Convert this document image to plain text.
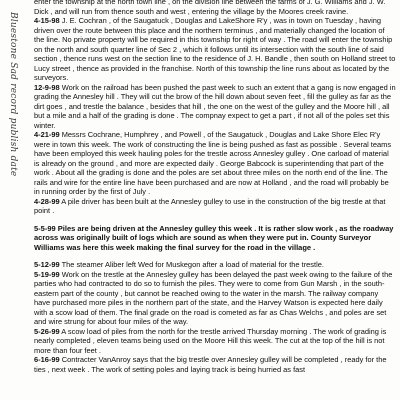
Bluestone Sad record publish date

enter the township at the north town line , on the division line between the farms of J. G. Williams and J. W. Dick , and will run from thence south and west , entering the village by the Moores creek ravine.

4-15-98 J. E. Cochran , of the Saugatuck , Douglas and LakeShore R'y , was in town on Tuesday , having driven over the route between this place and the northern terminus , and materially changed the location of the line. No private property will be required in this township for right of way . The road will enter the township on the north and south quarter line of Sec 2 , which it follows until its intersection with the south line of said section , thence runs west on the section line to the residence of J. H. Bandle , then south on Holland street to Lucy street , thence as provided in the franchise. North of this township the line runs about as located by the surveyors.

12-9-98 Work on the railroad has been pushed the past week to such an extent that a gang is now engaged in grading the Annesley hill . They will cut the brow of the hill down about seven feet , fill the gulley as far as the dirt goes , and trestle the balance , besides that hill , the one on the west of the gulley and the Moore hill , all but a mile and a half of the grading is done . The compnay expect to get a part , if not all of the poles set this winter.

4-21-99 Messrs Cochrane, Humphrey , and Powell , of the Saugatuck , Douglas and Lake Shore Elec R'y were in town this week. The work of constructing the line is being pushed as fast as possible . Several teams have been employed this week hauling poles for the trestle across Annesley gulley . One carload of material is already on the ground , and more are expected daily . George Babcock is superintending that part of the work . About all the grading is done and the poles are set about three miles on the north end of the line. The rails and wire for the entire line have been purchased and are now at Holland , and the road will probably be in running order by the first of July .

4-28-99 A pile driver has been built at the Annesley gulley to use in the construction of the big trestle at that point .

5-5-99 Piles are being driven at the Annesley gulley this week . It is rather slow work , as the roadway across was originally built of logs which are sound as when they were put in. County Surveyor Williams was here this week making the final survey for the road in the village .

5-12-99 The steamer Aliber left Wed for Muskegon after a load of material for the trestle.

5-19-99 Work on the trestle at the Annesley gulley has been delayed the past week owing to the failure of the parties who had contracted to do so to furnish the piles. They were to come from Gun Marsh , in the south-eastern part of the county , but cannot be reached owing to the water in the marsh. The railway company have purchased more piles in the northern part of the state, and the Harvey Watson is expected here daily with a scow load of them. The final grade on the road is cometed as far as Chas Welchs , and poles are set and wire strung for about four miles of the way.

5-26-99 A scow load of piles from the north for the trestle arrived Thursday morning . The work of grading is nearly completed , eleven teams being used on the Moore Hill this week. The cut at the top of the hill is not more than four feet .

6-16-99 Contracter VanAnroy says that the big trestle over Annesley gulley will be completed , ready for the ties , next week . The work of setting poles and laying track is being hurried as fast
